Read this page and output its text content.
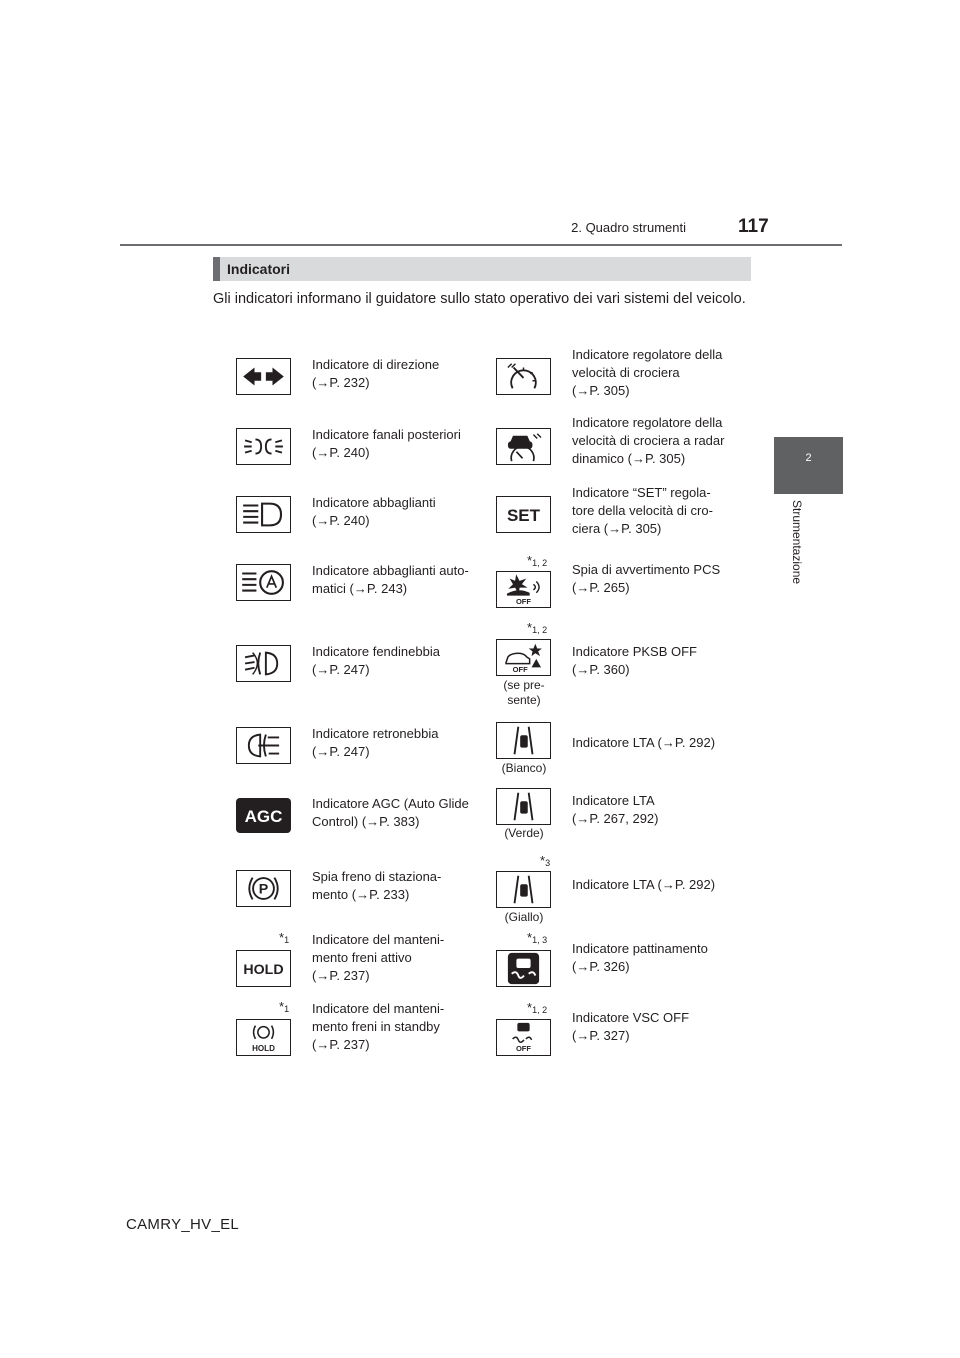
2. Quadro strumenti	117
2
Strumentazione
Indicatori
Gli indicatori informano il guidatore sullo stato operativo dei vari sistemi del veicolo.
Indicatore di direzione
(→P. 232)
Indicatore fanali posteriori
(→P. 240)
Indicatore abbaglianti
(→P. 240)
Indicatore abbaglianti auto-
matici (→P. 243)
Indicatore fendinebbia
(→P. 247)
Indicatore retronebbia
(→P. 247)
AGC
Indicatore AGC (Auto Glide
Control) (→P. 383)
P
Spia freno di staziona-
mento (→P. 233)
$*_1$
HOLD
Indicatore del manteni-
mento freni attivo
(→P. 237)
$*_1$
HOLD
Indicatore del manteni-
mento freni in standby
(→P. 237)
Indicatore regolatore della
velocità di crociera
(→P. 305)
Indicatore regolatore della
velocità di crociera a radar
dinamico (→P. 305)
SET
Indicatore “SET” regola-
tore della velocità di cro-
ciera (→P. 305)
$*_{1, 2}$
OFF
Spia di avvertimento PCS
(→P. 265)
$*_{1, 2}$
OFF
(se pre-
sente)
Indicatore PKSB OFF
(→P. 360)
(Bianco)
Indicatore LTA (→P. 292)
(Verde)
Indicatore LTA
(→P. 267, 292)
$*_3$
(Giallo)
Indicatore LTA (→P. 292)
$*_{1, 3}$
Indicatore pattinamento
(→P. 326)
$*_{1, 2}$
OFF
Indicatore VSC OFF
(→P. 327)
CAMRY_HV_EL
